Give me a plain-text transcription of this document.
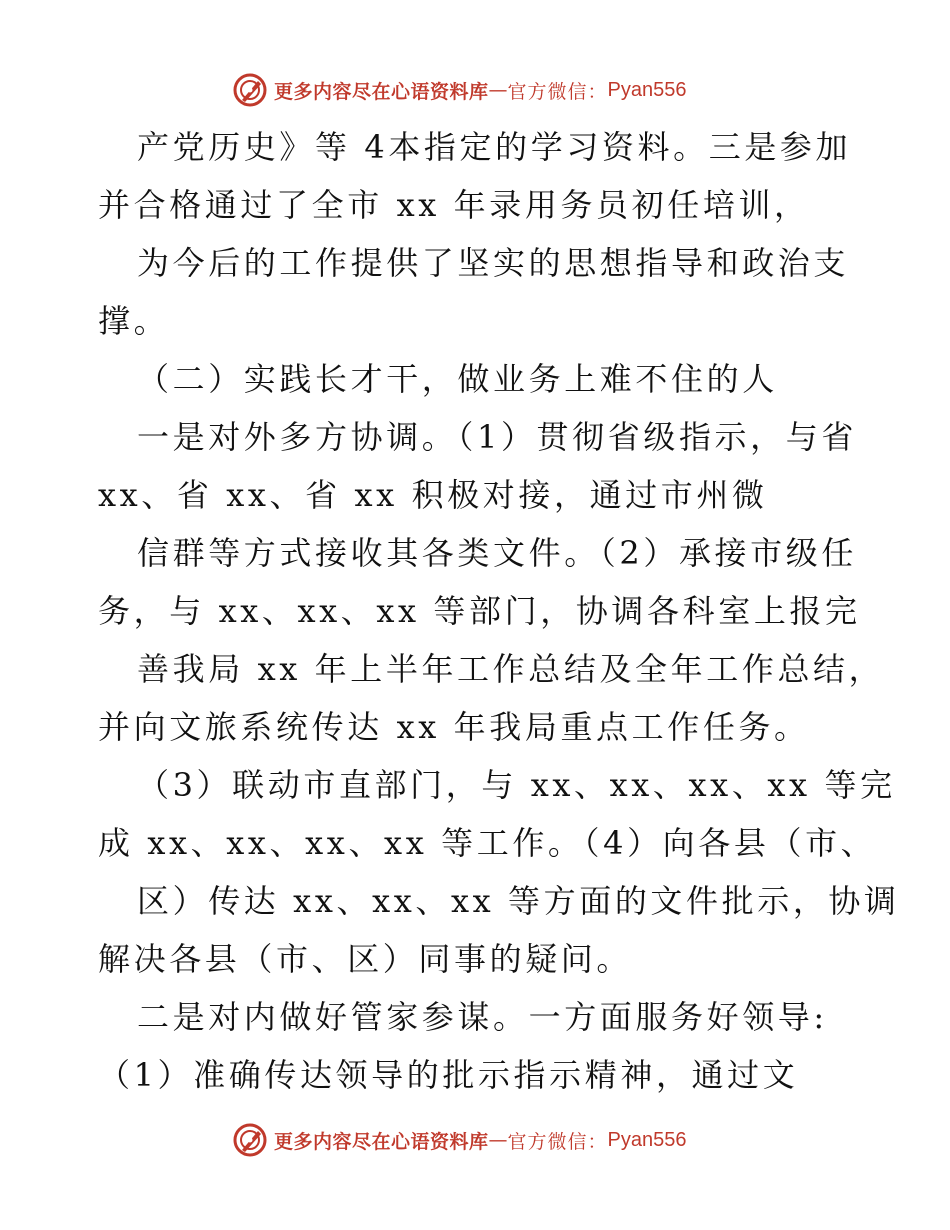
更多内容尽在心语资料库 — 官方微信： Pyan556
产党历史》等 4本指定的学习资料。三是参加
并合格通过了全市 xx 年录用务员初任培训，
为今后的工作提供了坚实的思想指导和政治支
撑。
（二）实践长才干，做业务上难不住的人
一是对外多方协调。（1）贯彻省级指示，与省
xx、省 xx、省 xx 积极对接，通过市州微
信群等方式接收其各类文件。（2）承接市级任
务，与 xx、xx、xx 等部门，协调各科室上报完
善我局 xx 年上半年工作总结及全年工作总结，
并向文旅系统传达 xx 年我局重点工作任务。
（3）联动市直部门，与 xx、xx、xx、xx 等完
成 xx、xx、xx、xx 等工作。（4）向各县（市、
区）传达 xx、xx、xx 等方面的文件批示，协调
解决各县（市、区）同事的疑问。
二是对内做好管家参谋。一方面服务好领导:
（1）准确传达领导的批示指示精神，通过文
更多内容尽在心语资料库 — 官方微信： Pyan556
